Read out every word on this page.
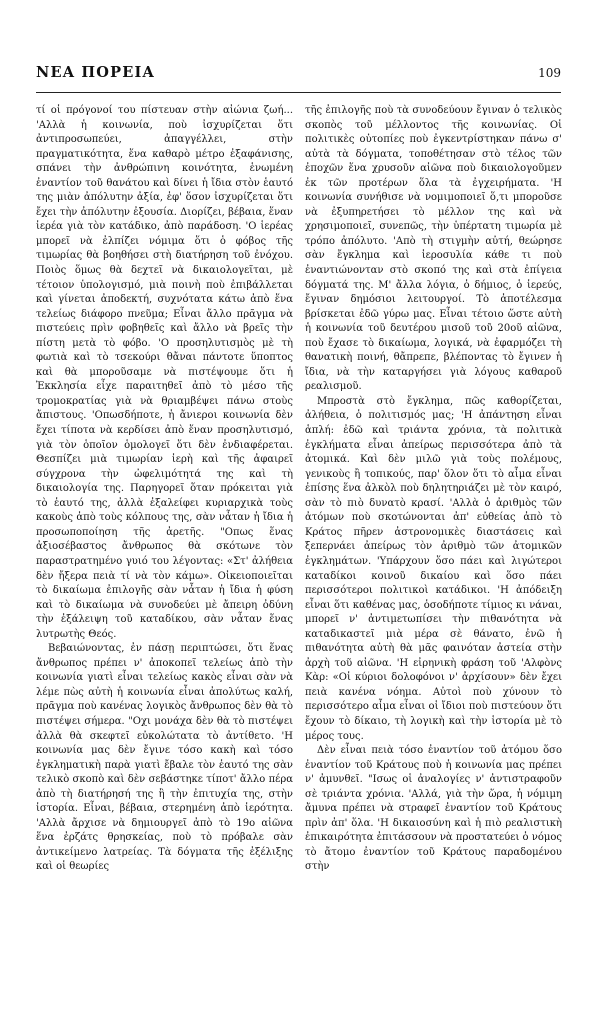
ΝΕΑ ΠΟΡΕΙΑ	109

τί οἱ πρόγονοί του πίστευαν στὴν αἰώνια ζωή... 'Αλλὰ ἡ κοινωνία, ποὺ ἰσχυρίζεται ὅτι ἀντιπροσωπεύει, ἀπαγγέλλει, στὴν πραγματικότητα, ἕνα καθαρὸ μέτρο ἐξαφάνισης, σπάνει τὴν ἀνθρώπινη κοινότητα, ἑνωμένη ἐναντίον τοῦ θανάτου καὶ δίνει ἡ ἴδια στὸν ἑαυτό της μιὰν ἀπόλυτην ἀξία, ἐφ' ὅσον ἰσχυρίζεται ὅτι ἔχει τὴν ἀπόλυτην ἐξουσία. Διορίζει, βέβαια, ἕναν ἱερέα γιὰ τὸν κατάδικο, ἀπὸ παράδοση. 'Ο ἱερέας μπορεῖ νὰ ἐλπίζει νόμιμα ὅτι ὁ φόβος τῆς τιμωρίας θὰ βοηθήσει στὴ διατήρηση τοῦ ἐνόχου. Ποιὸς ὅμως θὰ δεχτεῖ νὰ δικαιολογεῖται, μὲ τέτοιον ὑπολογισμό, μιὰ ποινὴ ποὺ ἐπιβάλλεται καὶ γίνεται ἀποδεκτή, συχνότατα κάτω ἀπὸ ἕνα τελείως διάφορο πνεῦμα; Εἶναι ἄλλο πρᾶγμα νὰ πιστεύεις πρὶν φοβηθεῖς καὶ ἄλλο νὰ βρεῖς τὴν πίστη μετὰ τὸ φόβο. 'Ο προσηλυτισμὸς μὲ τὴ φωτιὰ καὶ τὸ τσεκούρι θἄναι πάντοτε ὕποπτος καὶ θὰ μποροῦσαμε νὰ πιστέψουμε ὅτι ἡ Ἐκκλησία εἶχε παραιτηθεῖ ἀπὸ τὸ μέσο τῆς τρομοκρατίας γιὰ νὰ θριαμβέψει πάνω στοὺς ἄπιστους. 'Οπωσδήποτε, ἡ ἄνιεροι κοινωνία δὲν ἔχει τίποτα νὰ κερδίσει ἀπὸ ἕναν προσηλυτισμό, γιὰ τὸν ὁποῖον ὁμολογεῖ ὅτι δὲν ἐνδιαφέρεται. Θεσπίζει μιὰ τιμωρίαν ἱερὴ καὶ τῆς ἀφαιρεῖ σύγχρονα τὴν ὠφελιμότητά της καὶ τὴ δικαιολογία της. Παρηγορεῖ ὅταν πρόκειται γιὰ τὸ ἑαυτό της, ἀλλὰ ἐξαλείφει κυριαρχικὰ τοὺς κακοὺς ἀπὸ τοὺς κόλπους της, σὰν νἆταν ἡ ἴδια ἡ προσωποποίηση τῆς ἀρετῆς. "Οπως ἕνας ἀξιοσέβαστος ἄνθρωπος θὰ σκότωνε τὸν παραστρατημένο γυιό του λέγοντας: «Στ' ἀλήθεια δὲν ἤξερα πειὰ τί νὰ τὸν κάμω». Οἰκειοποιεῖται τὸ δικαίωμα ἐπιλογῆς σὰν νἆταν ἡ ἴδια ἡ φύση καὶ τὸ δικαίωμα νὰ συνοδεύει μὲ ἄπειρη ὀδύνη τὴν ἐξάλειψη τοῦ καταδίκου, σὰν νἆταν ἕνας λυτρωτὴς Θεός.

Βεβαιώνοντας, ἐν πάσῃ περιπτώσει, ὅτι ἕνας ἄνθρωπος πρέπει ν' ἀποκοπεῖ τελείως ἀπὸ τὴν κοινωνία γιατὶ εἶναι τελείως κακὸς εἶναι σὰν νὰ λέμε πὼς αὐτὴ ἡ κοινωνία εἶναι ἀπολύτως καλή, πρᾶγμα ποὺ κανένας λογικὸς ἄνθρωπος δὲν θὰ τὸ πιστέψει σήμερα. "Οχι μονάχα δὲν θὰ τὸ πιστέψει ἀλλὰ θὰ σκεφτεῖ εὐκολώτατα τὸ ἀντίθετο. 'Η κοινωνία μας δὲν ἔγινε τόσο κακὴ καὶ τόσο ἐγκληματικὴ παρὰ γιατὶ ἔβαλε τὸν ἑαυτό της σὰν τελικὸ σκοπὸ καὶ δὲν σεβάστηκε τίποτ' ἄλλο πέρα ἀπὸ τὴ διατήρησή της ἢ τὴν ἐπιτυχία της, στὴν ἱστορία. Εἶναι, βέβαια, στερημένη ἀπὸ ἱερότητα. 'Αλλὰ ἄρχισε νὰ δημιουργεῖ ἀπὸ τὸ 19ο αἰῶνα ἕνα ἐρζάτς θρησκείας, ποὺ τὸ πρόβαλε σὰν ἀντικείμενο λατρείας. Τὰ δόγματα τῆς ἐξέλιξης καὶ οἱ θεωρίες

τῆς ἐπιλογῆς ποὺ τὰ συνοδεύουν ἔγιναν ὁ τελικὸς σκοπὸς τοῦ μέλλοντος τῆς κοινωνίας. Οἱ πολιτικὲς οὐτοπίες ποὺ ἐγκεντρίστηκαν πάνω σ' αὐτὰ τὰ δόγματα, τοποθέτησαν στὸ τέλος τῶν ἐποχῶν ἕνα χρυσοῦν αἰῶνα ποὺ δικαιολογοῦμεν ἐκ τῶν προτέρων ὅλα τὰ ἐγχειρήματα. 'Η κοινωνία συνήθισε νὰ νομιμοποιεῖ ὅ,τι μποροῦσε νὰ ἐξυπηρετήσει τὸ μέλλον της καὶ νὰ χρησιμοποιεῖ, συνεπῶς, τὴν ὑπέρτατη τιμωρία μὲ τρόπο ἀπόλυτο. 'Απὸ τὴ στιγμὴν αὐτή, θεώρησε σὰν ἔγκλημα καὶ ἱεροσυλία κάθε τι ποὺ ἐναντιώνονταν στὸ σκοπό της καὶ στὰ ἐπίγεια δόγματά της. Μ' ἄλλα λόγια, ὁ δήμιος, ὁ ἱερεύς, ἔγιναν δημόσιοι λειτουργοί. Τὸ ἀποτέλεσμα βρίσκεται ἐδῶ γύρω μας. Εἶναι τέτοιο ὥστε αὐτὴ ἡ κοινωνία τοῦ δευτέρου μισοῦ τοῦ 20οῦ αἰῶνα, ποὺ ἔχασε τὸ δικαίωμα, λογικά, νὰ ἐφαρμόζει τὴ θανατικὴ ποινή, θἄπρεπε, βλέποντας τὸ ἔγινεν ἡ ἴδια, νὰ τὴν καταργήσει γιὰ λόγους καθαροῦ ρεαλισμοῦ.

Μπροστὰ στὸ ἔγκλημα, πῶς καθορίζεται, ἀλήθεια, ὁ πολιτισμός μας; 'Η ἀπάντηση εἶναι ἁπλή: ἐδῶ καὶ τριάντα χρόνια, τὰ πολιτικὰ ἐγκλήματα εἶναι ἀπείρως περισσότερα ἀπὸ τὰ ἀτομικά. Καὶ δὲν μιλῶ γιὰ τοὺς πολέμους, γενικοὺς ἢ τοπικούς, παρ' ὅλον ὅτι τὸ αἷμα εἶναι ἐπίσης ἕνα ἀλκὸλ ποὺ δηλητηριάζει μὲ τὸν καιρό, σὰν τὸ πιὸ δυνατὸ κρασί. 'Αλλὰ ὁ ἀριθμὸς τῶν ἀτόμων ποὺ σκοτώνονται ἀπ' εὐθείας ἀπὸ τὸ Κράτος πῆρεν ἀστρονομικὲς διαστάσεις καὶ ξεπερνάει ἀπείρως τὸν ἀριθμὸ τῶν ἀτομικῶν ἐγκλημάτων. 'Υπάρχουν ὅσο πάει καὶ λιγώτεροι καταδίκοι κοινοῦ δικαίου καὶ ὅσο πάει περισσότεροι πολιτικοὶ κατάδικοι. 'Η ἀπόδειξη εἶναι ὅτι καθένας μας, ὁσοδήποτε τίμιος κι νάναι, μπορεῖ ν' ἀντιμετωπίσει τὴν πιθανότητα νὰ καταδικαστεῖ μιὰ μέρα σὲ θάνατο, ἐνῶ ἡ πιθανότητα αὐτὴ θὰ μᾶς φαινόταν ἀστεία στὴν ἀρχὴ τοῦ αἰῶνα. 'Η εἰρηνικὴ φράση τοῦ 'Αλφὸνς Κὰρ: «Οἱ κύριοι δολοφόνοι ν' ἀρχίσουν» δὲν ἔχει πειὰ κανένα νόημα. Αὐτοὶ ποὺ χύνουν τὸ περισσότερο αἷμα εἶναι οἱ ἴδιοι ποὺ πιστεύουν ὅτι ἔχουν τὸ δίκαιο, τὴ λογικὴ καὶ τὴν ἱστορία μὲ τὸ μέρος τους.

Δὲν εἶναι πειὰ τόσο ἐναντίον τοῦ ἀτόμου ὅσο ἐναντίον τοῦ Κράτους ποὺ ἡ κοινωνία μας πρέπει ν' ἀμυνθεῖ. "Ισως οἱ ἀναλογίες ν' ἀντιστραφοῦν σὲ τριάντα χρόνια. 'Αλλά, γιὰ τὴν ὥρα, ἡ νόμιμη ἄμυνα πρέπει νὰ στραφεῖ ἐναντίον τοῦ Κράτους πρὶν ἀπ' ὅλα. 'Η δικαιοσύνη καὶ ἡ πιὸ ρεαλιστικὴ ἐπικαιρότητα ἐπιτάσσουν νὰ προστατεύει ὁ νόμος τὸ ἄτομο ἐναντίον τοῦ Κράτους παραδομένου στὴν
